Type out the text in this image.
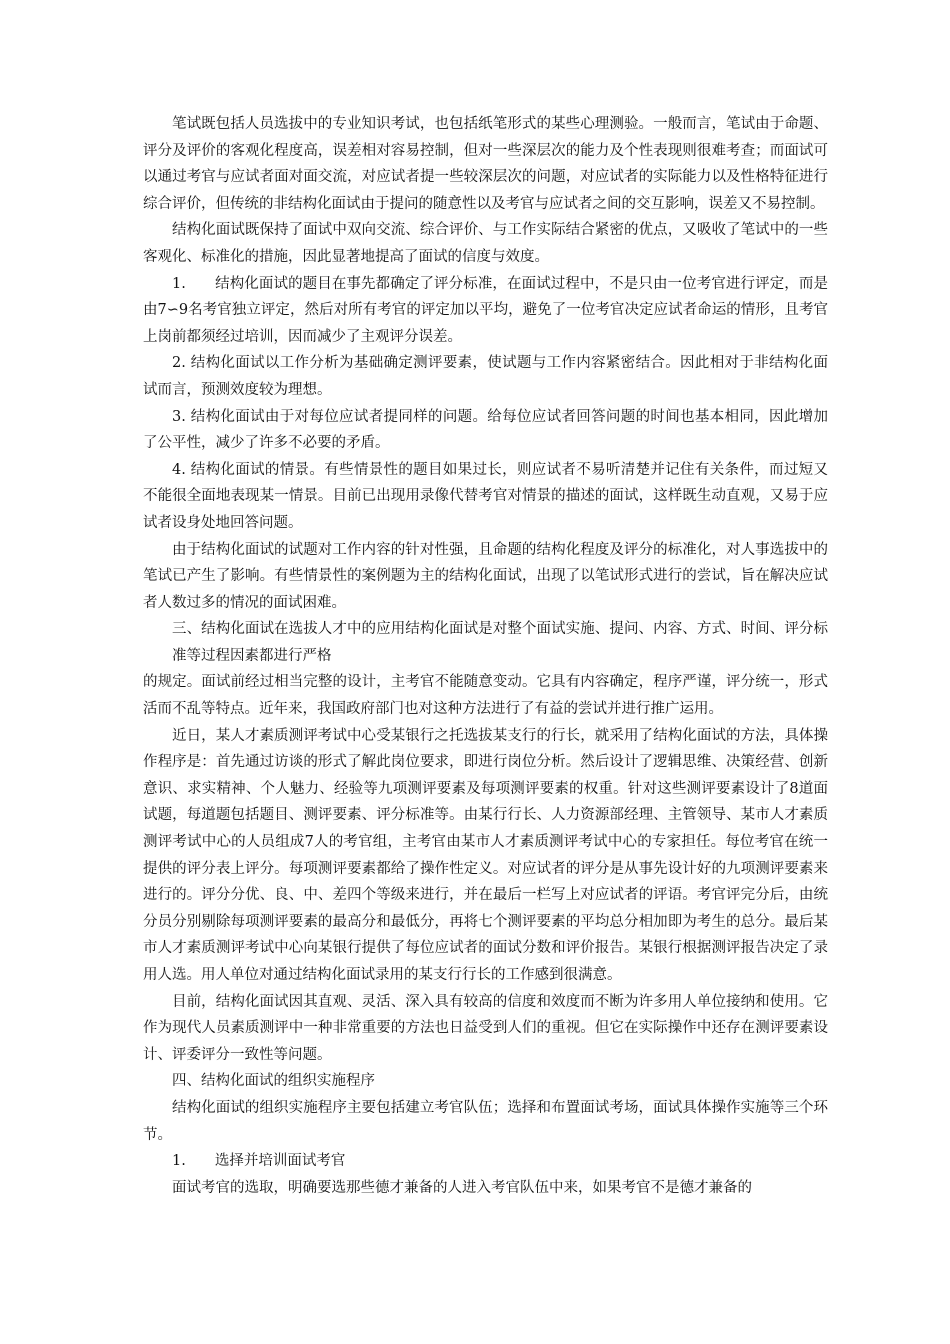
笔试既包括人员选拔中的专业知识考试，也包括纸笔形式的某些心理测验。一般而言，笔试由于命题、评分及评价的客观化程度高，误差相对容易控制，但对一些深层次的能力及个性表现则很难考查；而面试可以通过考官与应试者面对面交流，对应试者提一些较深层次的问题，对应试者的实际能力以及性格特征进行综合评价，但传统的非结构化面试由于提问的随意性以及考官与应试者之间的交互影响，误差又不易控制。

结构化面试既保持了面试中双向交流、综合评价、与工作实际结合紧密的优点，又吸收了笔试中的一些客观化、标准化的措施，因此显著地提高了面试的信度与效度。

1.　　结构化面试的题目在事先都确定了评分标准，在面试过程中，不是只由一位考官进行评定，而是由7∽9名考官独立评定，然后对所有考官的评定加以平均，避免了一位考官决定应试者命运的情形，且考官上岗前都须经过培训，因而减少了主观评分误差。

2. 结构化面试以工作分析为基础确定测评要素，使试题与工作内容紧密结合。因此相对于非结构化面试而言，预测效度较为理想。

3. 结构化面试由于对每位应试者提同样的问题。给每位应试者回答问题的时间也基本相同，因此增加了公平性，减少了许多不必要的矛盾。

4. 结构化面试的情景。有些情景性的题目如果过长，则应试者不易听清楚并记住有关条件，而过短又不能很全面地表现某一情景。目前已出现用录像代替考官对情景的描述的面试，这样既生动直观，又易于应试者设身处地回答问题。

由于结构化面试的试题对工作内容的针对性强，且命题的结构化程度及评分的标准化，对人事选拔中的笔试已产生了影响。有些情景性的案例题为主的结构化面试，出现了以笔试形式进行的尝试，旨在解决应试者人数过多的情况的面试困难。

三、结构化面试在选拔人才中的应用结构化面试是对整个面试实施、提问、内容、方式、时间、评分标准等过程因素都进行严格

的规定。面试前经过相当完整的设计，主考官不能随意变动。它具有内容确定，程序严谨，评分统一，形式活而不乱等特点。近年来，我国政府部门也对这种方法进行了有益的尝试并进行推广运用。

近日，某人才素质测评考试中心受某银行之托选拔某支行的行长，就采用了结构化面试的方法，具体操作程序是：首先通过访谈的形式了解此岗位要求，即进行岗位分析。然后设计了逻辑思维、决策经营、创新意识、求实精神、个人魅力、经验等九项测评要素及每项测评要素的权重。针对这些测评要素设计了8道面试题，每道题包括题目、测评要素、评分标准等。由某行行长、人力资源部经理、主管领导、某市人才素质测评考试中心的人员组成7人的考官组，主考官由某市人才素质测评考试中心的专家担任。每位考官在统一提供的评分表上评分。每项测评要素都给了操作性定义。对应试者的评分是从事先设计好的九项测评要素来进行的。评分分优、良、中、差四个等级来进行，并在最后一栏写上对应试者的评语。考官评完分后，由统分员分别剔除每项测评要素的最高分和最低分，再将七个测评要素的平均总分相加即为考生的总分。最后某市人才素质测评考试中心向某银行提供了每位应试者的面试分数和评价报告。某银行根据测评报告决定了录用人选。用人单位对通过结构化面试录用的某支行行长的工作感到很满意。

目前，结构化面试因其直观、灵活、深入具有较高的信度和效度而不断为许多用人单位接纳和使用。它作为现代人员素质测评中一种非常重要的方法也日益受到人们的重视。但它在实际操作中还存在测评要素设计、评委评分一致性等问题。

四、结构化面试的组织实施程序

结构化面试的组织实施程序主要包括建立考官队伍；选择和布置面试考场，面试具体操作实施等三个环节。

1.　　选择并培训面试考官

面试考官的选取，明确要选那些德才兼备的人进入考官队伍中来，如果考官不是德才兼备的
